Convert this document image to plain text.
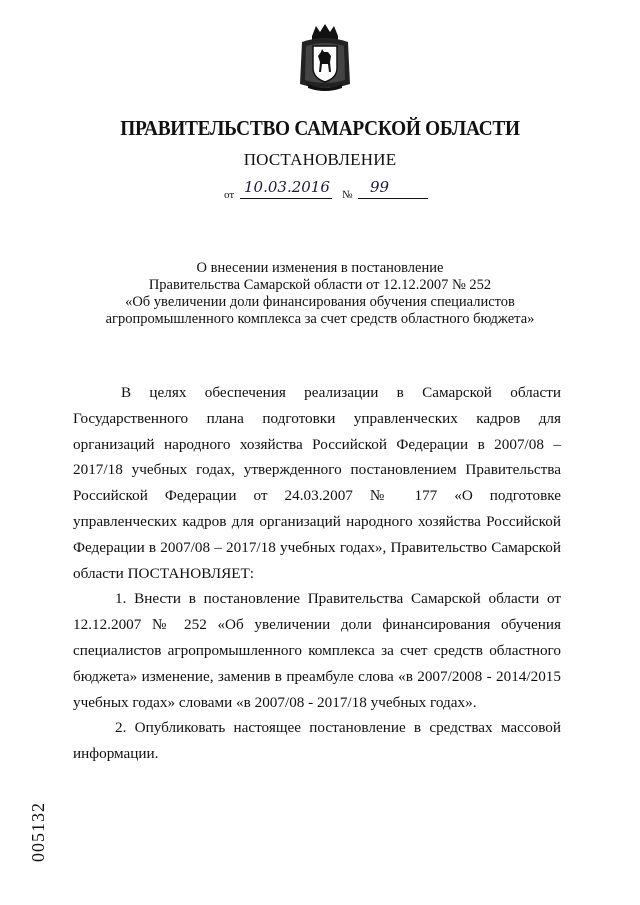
ПРАВИТЕЛЬСТВО САМАРСКОЙ ОБЛАСТИ
ПОСТАНОВЛЕНИЕ
от 10.03.2016 № 99
О внесении изменения в постановление
Правительства Самарской области от 12.12.2007 № 252
«Об увеличении доли финансирования обучения специалистов
агропромышленного комплекса за счет средств областного бюджета»

В целях обеспечения реализации в Самарской области Государственного плана подготовки управленческих кадров для организаций народного хозяйства Российской Федерации в 2007/08 – 2017/18 учебных годах, утвержденного постановлением Правительства Российской Федерации от 24.03.2007 № 177 «О подготовке управленческих кадров для организаций народного хозяйства Российской Федерации в 2007/08 – 2017/18 учебных годах», Правительство Самарской области ПОСТАНОВЛЯЕТ:

1. Внести в постановление Правительства Самарской области от 12.12.2007 № 252 «Об увеличении доли финансирования обучения специалистов агропромышленного комплекса за счет средств областного бюджета» изменение, заменив в преамбуле слова «в 2007/2008 - 2014/2015 учебных годах» словами «в 2007/08 - 2017/18 учебных годах».

2. Опубликовать настоящее постановление в средствах массовой информации.

005132
